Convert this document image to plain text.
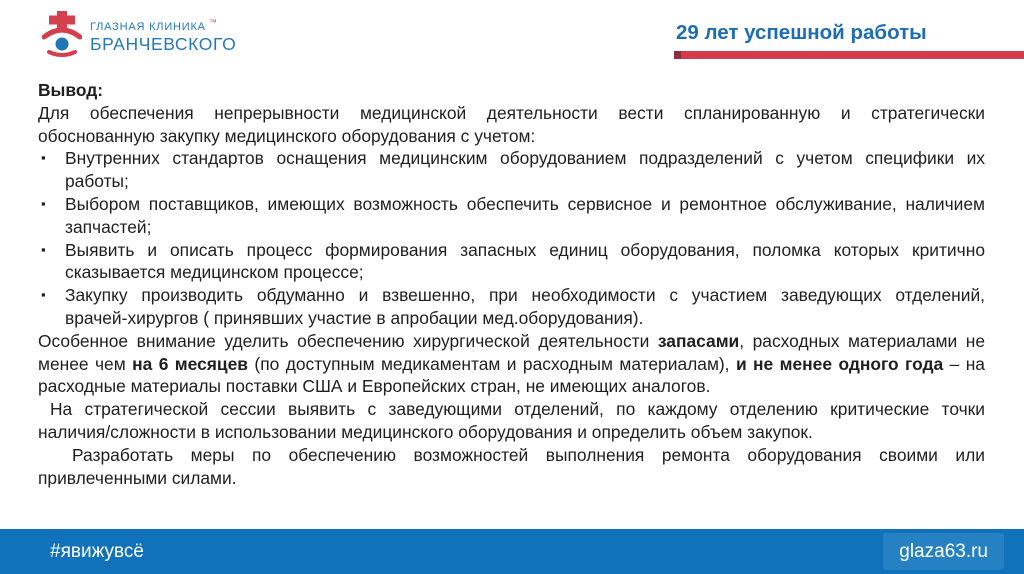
ГЛАЗНАЯ КЛИНИКА ™
БРАНЧЕВСКОГО	29 лет успешной работы
Вывод:
Для обеспечения непрерывности медицинской деятельности вести спланированную и стратегически
обоснованную закупку медицинского оборудования с учетом:
▪ Внутренних стандартов оснащения медицинским оборудованием подразделений с учетом специфики их
работы;
▪ Выбором поставщиков, имеющих возможность обеспечить сервисное и ремонтное обслуживание, наличием
запчастей;
▪ Выявить и описать процесс формирования запасных единиц оборудования, поломка которых критично
сказывается медицинском процессе;
▪ Закупку производить обдуманно и взвешенно, при необходимости с участием заведующих отделений,
врачей-хирургов ( принявших участие в апробации мед.оборудования).
Особенное внимание уделить обеспечению хирургической деятельности запасами, расходных материалами не
менее чем на 6 месяцев (по доступным медикаментам и расходным материалам), и не менее одного года – на
расходные материалы поставки США и Европейских стран, не имеющих аналогов.
На стратегической сессии выявить с заведующими отделений, по каждому отделению критические точки
наличия/сложности в использовании медицинского оборудования и определить объем закупок.
Разработать меры по обеспечению возможностей выполнения ремонта оборудования своими или
привлеченными силами.
#явижувсё	glaza63.ru
